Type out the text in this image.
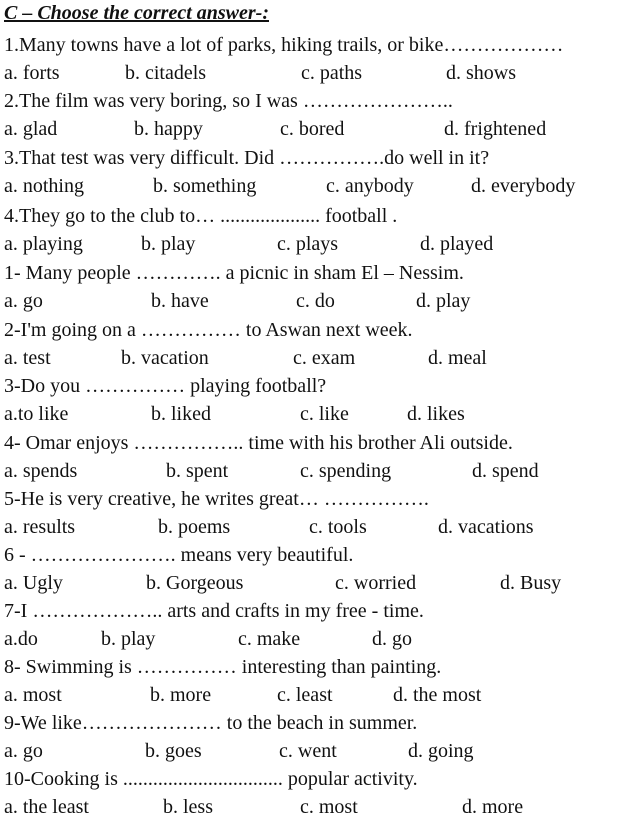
C – Choose the correct answer-:
1.Many towns have a lot of parks, hiking trails, or bike………………
a. forts	b. citadels	c. paths	d. shows
2.The film was very boring, so I was …………………..
a. glad	b. happy	c. bored	d. frightened
3.That test was very difficult. Did …………….do well in it?
a. nothing	b. something	c. anybody	d. everybody
4.They go to the club to… .................... football .
a. playing	b. play	c. plays	d. played
1- Many people …………. a picnic in sham El – Nessim.
a. go	b. have	c. do	d. play
2-I'm going on a …………… to Aswan next week.
a. test	b. vacation	c. exam	d. meal
3-Do you …………… playing football?
a.to like	b. liked	c. like	d. likes
4- Omar enjoys …………….. time with his brother Ali outside.
a. spends	b. spent	c. spending	d. spend
5-He is very creative, he writes great… …………….
a. results	b. poems	c. tools	d. vacations
6 - …………………. means very beautiful.
a. Ugly	b. Gorgeous	c. worried	d. Busy
7-I ……………….. arts and crafts in my free - time.
a.do	b. play	c. make	d. go
8- Swimming is …………… interesting than painting.
a. most	b. more	c. least	d. the most
9-We like………………… to the beach in summer.
a. go	b. goes	c. went	d. going
10-Cooking is ................................ popular activity.
a. the least	b. less	c. most	d. more
